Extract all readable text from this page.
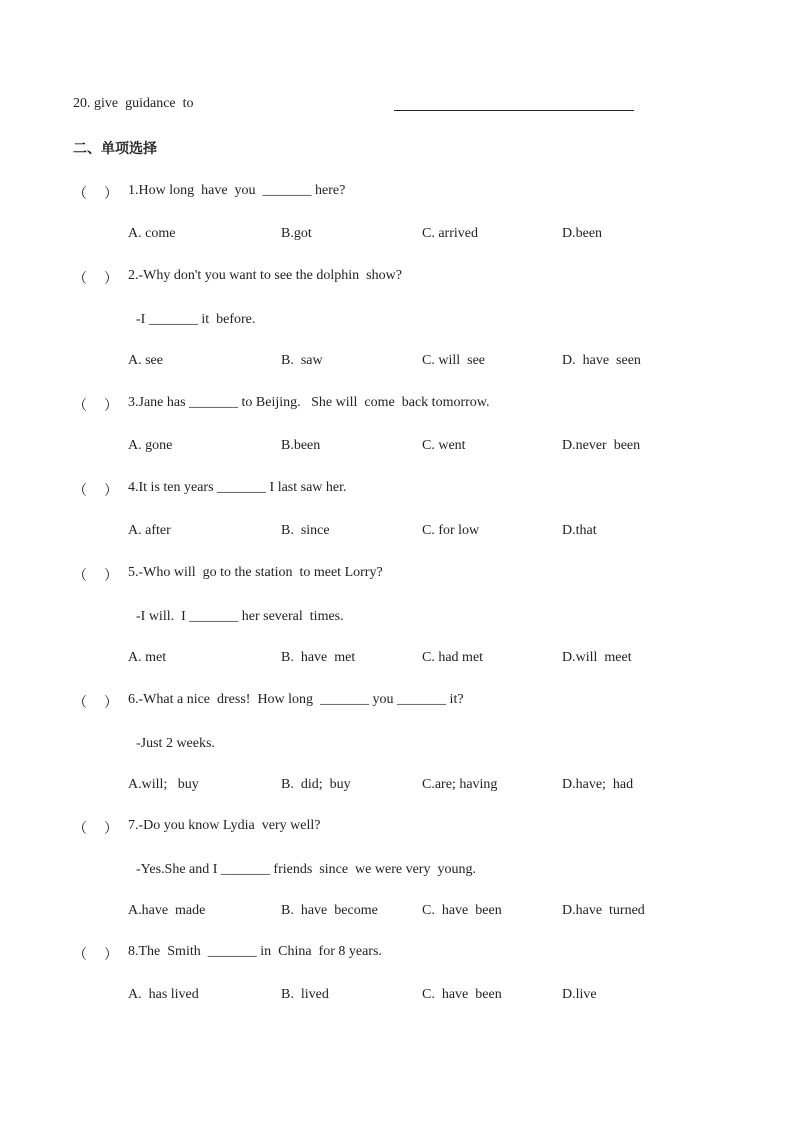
20. give  guidance  to
二、单项选择
（ ） 1.How long  have  you  _______ here?
A. come	B.got	C. arrived	D.been
（ ） 2.-Why don't you want to see the dolphin  show?
-I _______ it  before.
A. see	B.  saw	C. will  see	D.  have  seen
（ ） 3.Jane has _______ to Beijing.   She will  come  back tomorrow.
A. gone	B.been	C. went	D.never  been
（ ） 4.It is ten years _______ I last saw her.
A. after	B.  since	C. for low	D.that
（ ） 5.-Who will  go to the station  to meet Lorry?
-I will.  I _______ her several  times.
A. met	B.  have  met	C. had met	D.will  meet
（ ） 6.-What a nice  dress!  How long  _______ you _______ it?
-Just 2 weeks.
A.will;   buy	B.  did;  buy	C.are; having	D.have;  had
（ ） 7.-Do you know Lydia  very well?
-Yes.She and I _______ friends  since  we were very  young.
A.have  made	B.  have  become	C.  have  been	D.have  turned
（ ） 8.The  Smith  _______ in  China  for 8 years.
A.  has lived	B.  lived	C.  have  been	D.live
